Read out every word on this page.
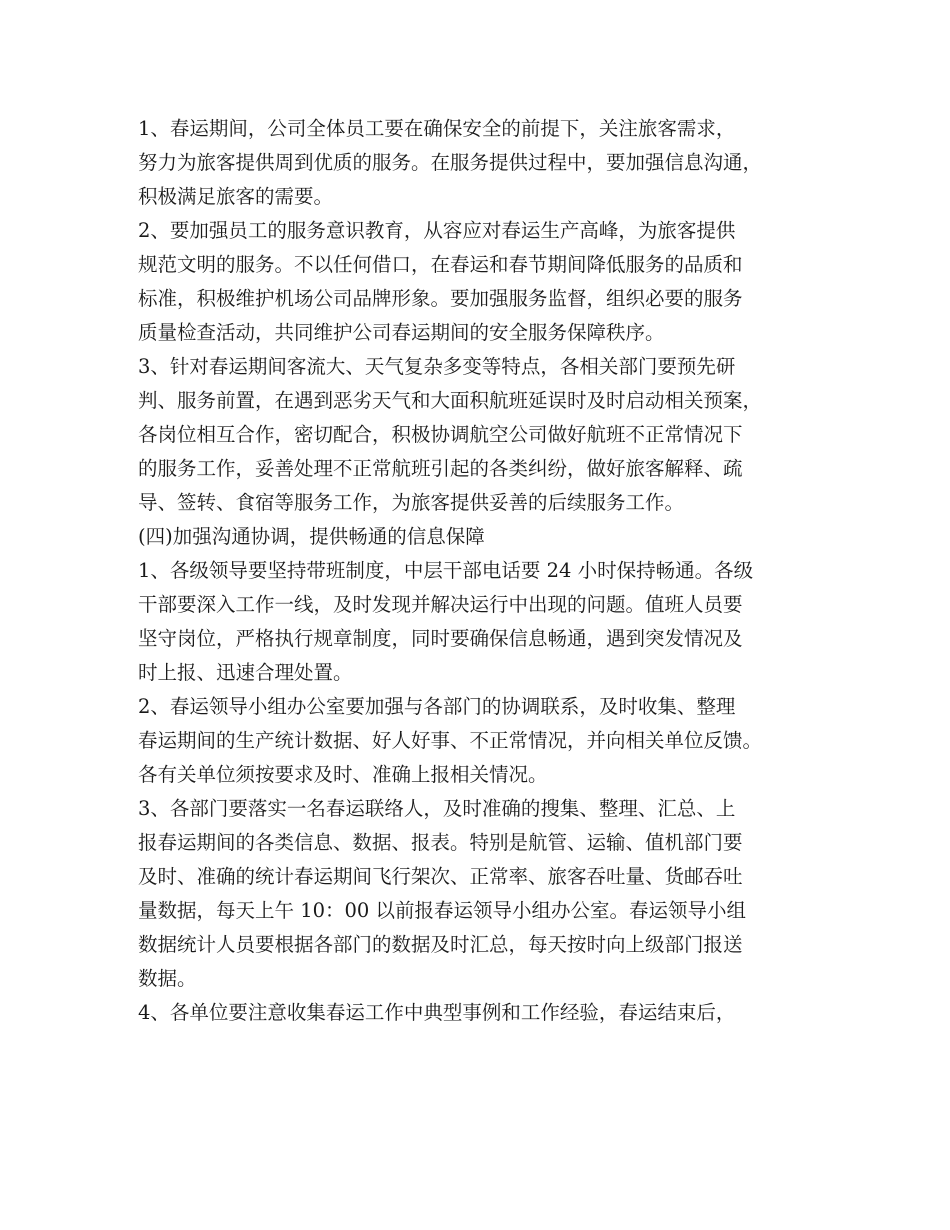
1、春运期间，公司全体员工要在确保安全的前提下，关注旅客需求，
努力为旅客提供周到优质的服务。在服务提供过程中，要加强信息沟通，
积极满足旅客的需要。
2、要加强员工的服务意识教育，从容应对春运生产高峰，为旅客提供
规范文明的服务。不以任何借口，在春运和春节期间降低服务的品质和
标准，积极维护机场公司品牌形象。要加强服务监督，组织必要的服务
质量检查活动，共同维护公司春运期间的安全服务保障秩序。
3、针对春运期间客流大、天气复杂多变等特点，各相关部门要预先研
判、服务前置，在遇到恶劣天气和大面积航班延误时及时启动相关预案，
各岗位相互合作，密切配合，积极协调航空公司做好航班不正常情况下
的服务工作，妥善处理不正常航班引起的各类纠纷，做好旅客解释、疏
导、签转、食宿等服务工作，为旅客提供妥善的后续服务工作。
(四)加强沟通协调，提供畅通的信息保障
1、各级领导要坚持带班制度，中层干部电话要 24 小时保持畅通。各级
干部要深入工作一线，及时发现并解决运行中出现的问题。值班人员要
坚守岗位，严格执行规章制度，同时要确保信息畅通，遇到突发情况及
时上报、迅速合理处置。
2、春运领导小组办公室要加强与各部门的协调联系，及时收集、整理
春运期间的生产统计数据、好人好事、不正常情况，并向相关单位反馈。
各有关单位须按要求及时、准确上报相关情况。
3、各部门要落实一名春运联络人，及时准确的搜集、整理、汇总、上
报春运期间的各类信息、数据、报表。特别是航管、运输、值机部门要
及时、准确的统计春运期间飞行架次、正常率、旅客吞吐量、货邮吞吐
量数据，每天上午 10：00 以前报春运领导小组办公室。春运领导小组
数据统计人员要根据各部门的数据及时汇总，每天按时向上级部门报送
数据。
4、各单位要注意收集春运工作中典型事例和工作经验，春运结束后，
